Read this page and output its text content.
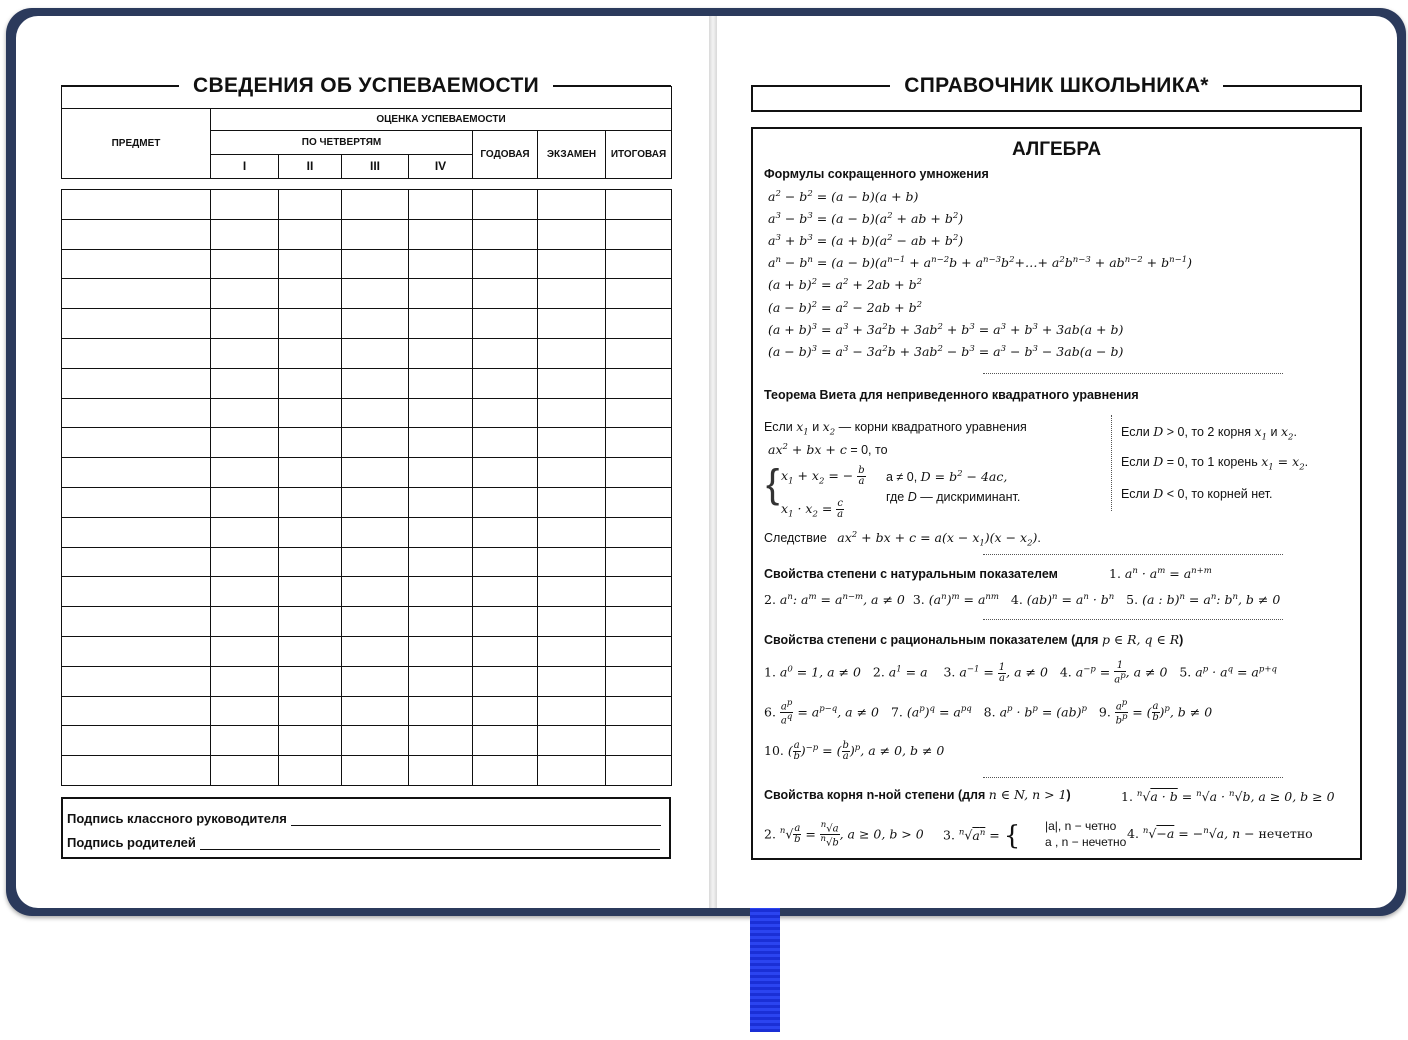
СВЕДЕНИЯ ОБ УСПЕВАЕМОСТИ

ПРЕДМЕТ	ОЦЕНКА УСПЕВАЕМОСТИ						
	ПО ЧЕТВЕРТЯМ				ГОДОВАЯ	ЭКЗАМЕН	ИТОГОВАЯ
	I	II	III	IV			

Подпись классного руководителя
Подпись родителей
СПРАВОЧНИК ШКОЛЬНИКА*
АЛГЕБРА
Формулы сокращенного умножения
$a^2 - b^2 = (a - b)(a + b)$
$a^3 - b^3 = (a - b)(a^2$ + ab + $b^2$)
$a^3 + b^3 = (a + b)(a^2$ − ab + $b^2$)
$a^n - b^n = (a - b)(a^{n-1} + a^{n-2}b$ + $a^{n-3}b^2+\dots+ a^2b^{n-3} + ab^{n-2} + b^{n-1}$)
$(a + b)^2 = a^2 + 2ab + b^2$
$(a - b)^2 = a^2 - 2ab + b^2$
$(a + b)^3 = a^3 + 3a^2b + 3ab^2 + b^3 = a^3 + b^3 + 3ab(a + b)$
$(a - b)^3 = a^3 - 3a^2b + 3ab^2 - b^3 = a^3 - b^3 - 3ab(a - b)$
Теорема Виета для неприведенного квадратного уравнения
Если $x_1$ и $x_2$ — корни квадратного уравнения
$ax^2$ + bx + c = 0, то
{ $x_1 + x_2$ = − $\frac{b}{a}$
$x_1 \cdot x_2 = \frac{c}{a}$
a ≠ 0, $D = b^2 - 4ac$,
где D — дискриминант.
Если D > 0, то 2 корня $x_1$ и $x_2$.
Если D = 0, то 1 корень $x_1 = x_2$.
Если D < 0, то корней нет.
Следствие $ax^2$ + bx + $c = a(x - x_1)(x - x_2)$.
Свойства степени с натуральным показателем	1. $a^n \cdot a^m = a^{n+m}$
2. $a^n$: $a^m = a^{n-m}$, a ≠ 0  3. $(a^n)^m = a^{nm}$ 4. $(ab)^n = a^n \cdot b^n$ 5. (a : $b)^n = a^n$: $b^n$, b ≠ 0
Свойства степени с рациональным показателем (для p ∈ R, q ∈ R)
1. $a^0 = 1$, a ≠ 0   2. $a^1 = a$    3. $a^{-1} = \frac{1}{a}$ , a ≠ 0   4. $a^{-p} = \frac{1}{a^p}$ , a ≠ 0   5. $a^p \cdot a^q = a^{p+q}$
6. $\frac{a^p}{a^q} = a^{p-q}$, a ≠ 0   7. $(a^p)^q = a^{pq}$ 8. $a^p \cdot b^p = (ab)^p$ 9. $\frac{a^p}{b^p}$ = ( $\frac{a}{b} )^p$, b ≠ 0
10. ( $\frac{a}{b} )^{-p}$ = ( $\frac{b}{a} )^p$, a ≠ 0, b ≠ 0
Свойства корня n-ной степени (для n ∈ N, n > 1)	1. $^n$√a · b = $^n$√a · $^n$√b, a ≥ 0, b ≥ 0
2. $^n√ \frac{a}{b} = \frac{^n√a}{^n√b}$ , a ≥ 0, b > 0 3. $^n√a^n$ = { |a|, n − четно
a , n − нечетно
4. $^n$√−a = −$^n$√a, n − нечетно
